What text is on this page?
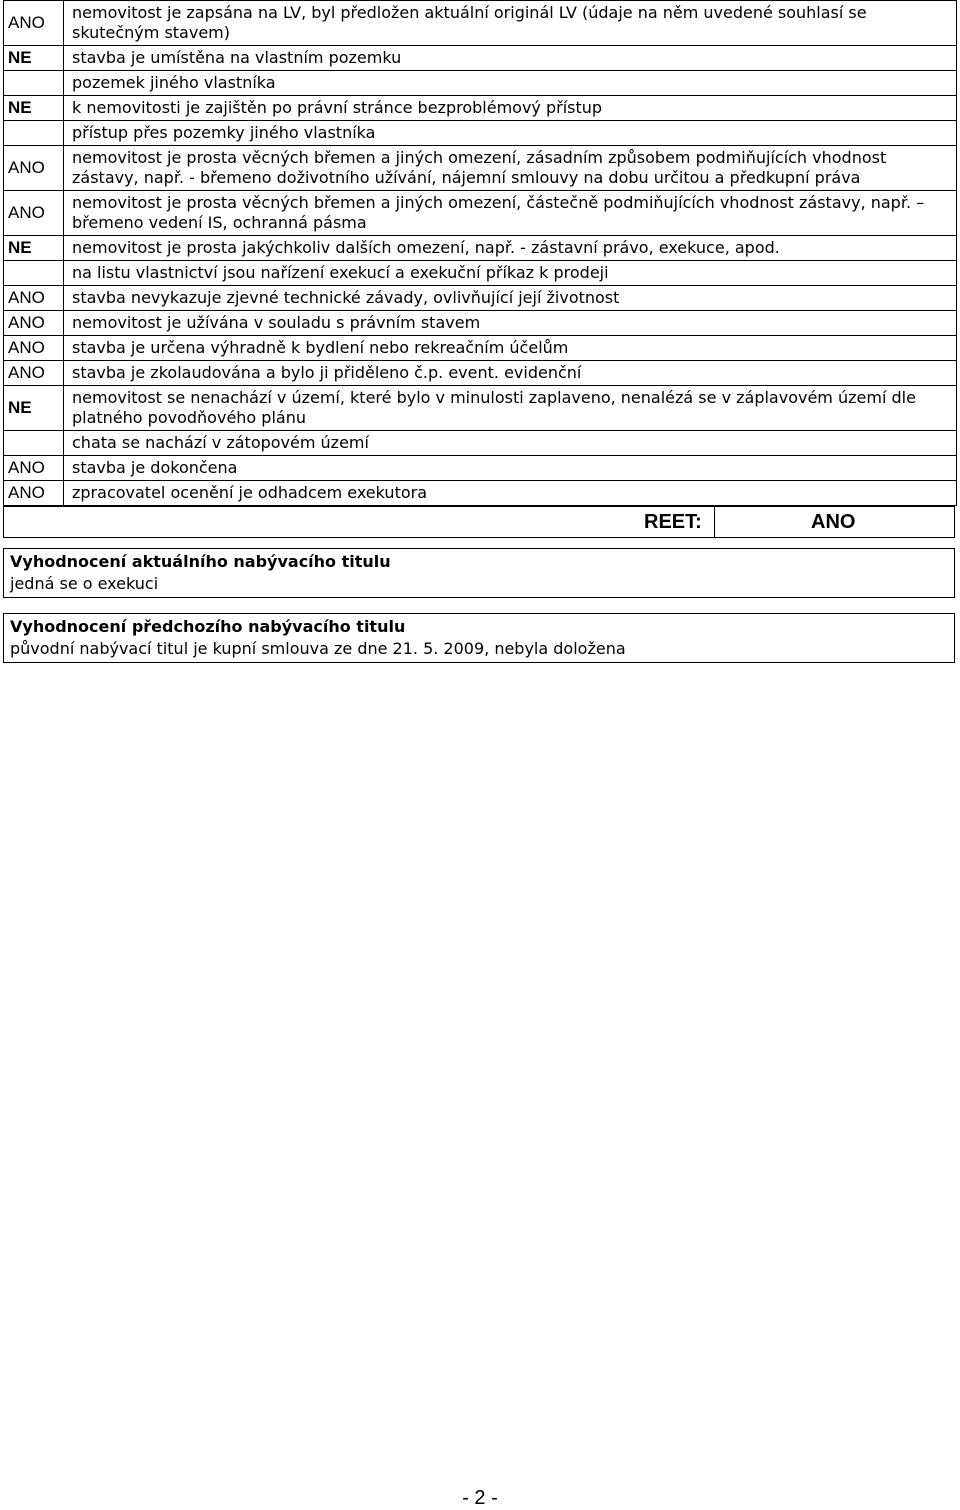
ANO	nemovitost je zapsána na LV, byl předložen aktuální originál LV (údaje na něm uvedené souhlasí se skutečným stavem)
NE	stavba je umístěna na vlastním pozemku
	pozemek jiného vlastníka
NE	k nemovitosti je zajištěn po právní stránce bezproblémový přístup
	přístup přes pozemky jiného vlastníka
ANO	nemovitost je prosta věcných břemen a jiných omezení, zásadním způsobem podmiňujících vhodnost zástavy, např. - břemeno doživotního užívání, nájemní smlouvy na dobu určitou a předkupní práva
ANO	nemovitost je prosta věcných břemen a jiných omezení, částečně podmiňujících vhodnost zástavy, např. – břemeno vedení IS, ochranná pásma
NE	nemovitost je prosta jakýchkoliv dalších omezení, např. - zástavní právo, exekuce, apod.
	na listu vlastnictví jsou nařízení exekucí a exekuční příkaz k prodeji
ANO	stavba nevykazuje zjevné technické závady, ovlivňující její životnost
ANO	nemovitost je užívána v souladu s právním stavem
ANO	stavba je určena výhradně k bydlení nebo rekreačním účelům
ANO	stavba je zkolaudována a bylo ji přiděleno č.p. event. evidenční
NE	nemovitost se nenachází v území, které bylo v minulosti zaplaveno, nenalézá se v záplavovém území dle platného povodňového plánu
	chata se nachází v zátopovém území
ANO	stavba je dokončena
ANO	zpracovatel ocenění je odhadcem exekutora
REET:	ANO
Vyhodnocení aktuálního nabývacího titulu
jedná se o exekuci
Vyhodnocení předchozího nabývacího titulu
původní nabývací titul je kupní smlouva ze dne 21. 5. 2009, nebyla doložena
- 2 -
